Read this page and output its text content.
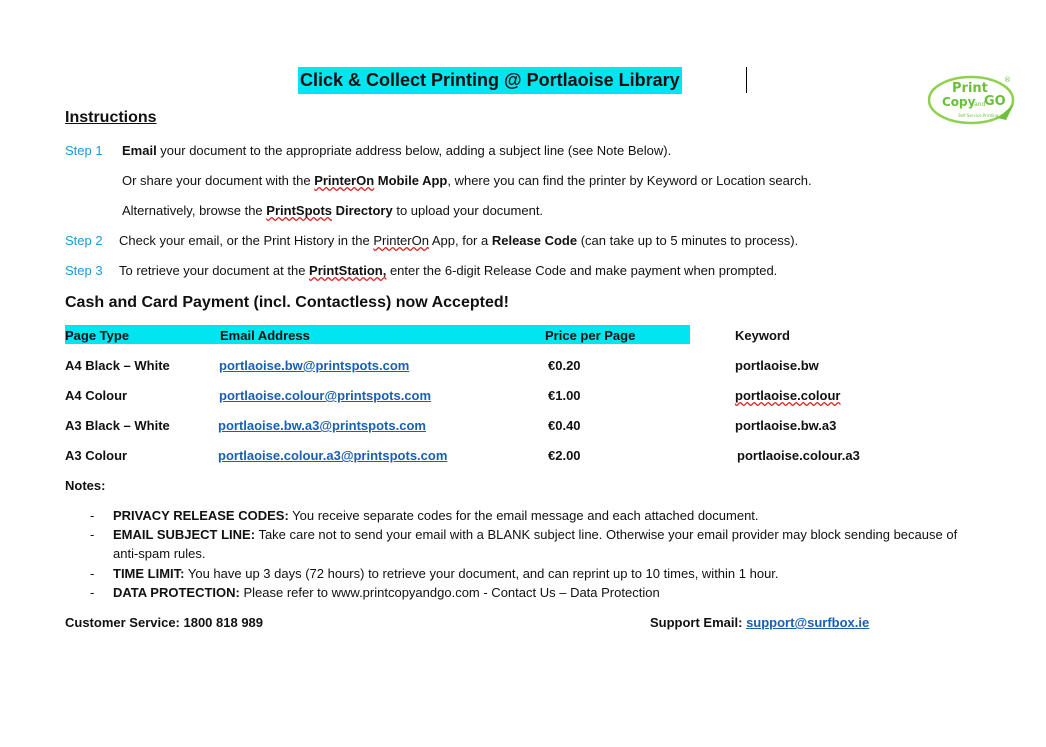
Click & Collect Printing @ Portlaoise Library	Print
Copy
and
GO
Self Service Printing
®
Instructions
Step 1 Email your document to the appropriate address below, adding a subject line (see Note Below).
Or share your document with the PrinterOn Mobile App, where you can find the printer by Keyword or Location search.
Alternatively, browse the PrintSpots Directory to upload your document.
Step 2 Check your email, or the Print History in the PrinterOn App, for a Release Code (can take up to 5 minutes to process).
Step 3 To retrieve your document at the PrintStation, enter the 6-digit Release Code and make payment when prompted.
Cash and Card Payment (incl. Contactless) now Accepted!
Page Type	Email Address	Price per Page	Keyword
A4 Black – White	portlaoise.bw@printspots.com	€0.20	portlaoise.bw
A4 Colour	portlaoise.colour@printspots.com	€1.00	portlaoise.colour
A3 Black – White	portlaoise.bw.a3@printspots.com	€0.40	portlaoise.bw.a3
A3 Colour	portlaoise.colour.a3@printspots.com	€2.00	portlaoise.colour.a3
Notes:
- PRIVACY RELEASE CODES: You receive separate codes for the email message and each attached document.
- EMAIL SUBJECT LINE: Take care not to send your email with a BLANK subject line. Otherwise your email provider may block sending because of anti-spam rules.
- TIME LIMIT: You have up 3 days (72 hours) to retrieve your document, and can reprint up to 10 times, within 1 hour.
- DATA PROTECTION: Please refer to www.printcopyandgo.com - Contact Us – Data Protection
Customer Service: 1800 818 989	Support Email: support@surfbox.ie
